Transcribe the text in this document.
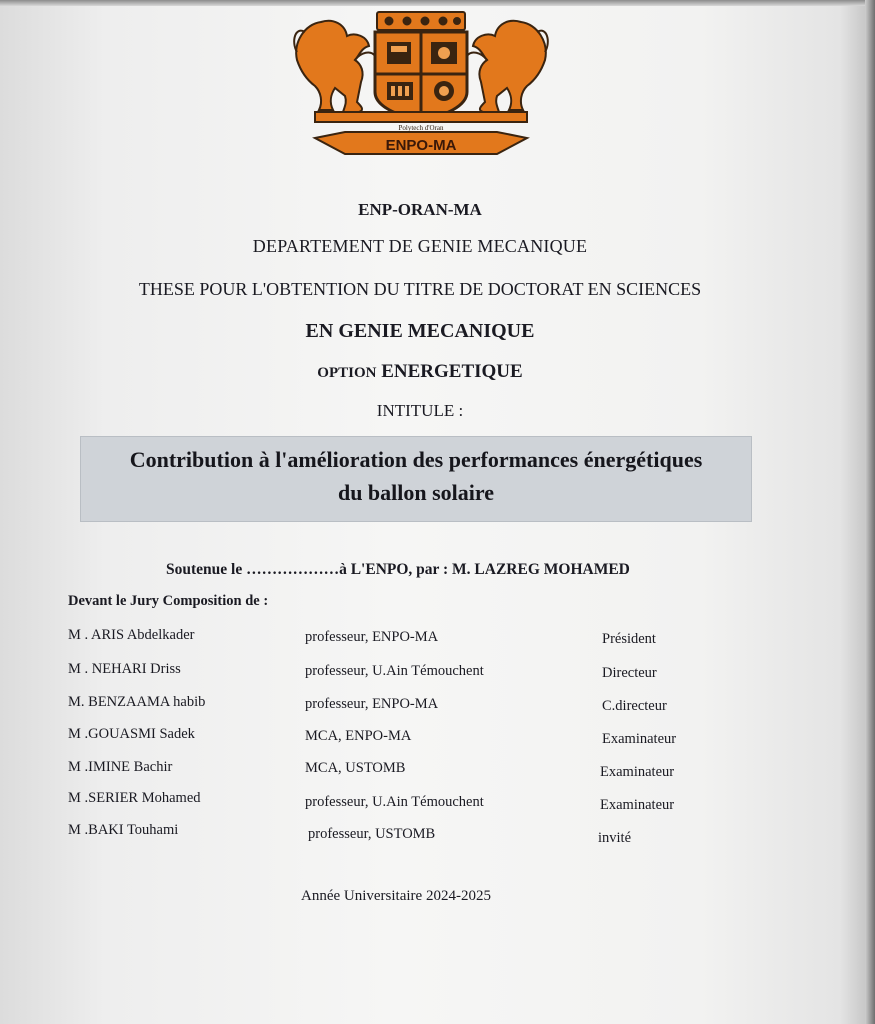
Polytech d'Oran
ENPO-MA
ENP-ORAN-MA
DEPARTEMENT DE GENIE MECANIQUE
THESE POUR L'OBTENTION DU TITRE DE DOCTORAT EN SCIENCES
EN GENIE MECANIQUE
OPTION ENERGETIQUE
INTITULE :
Contribution à l'amélioration des performances énergétiques
du ballon solaire
Soutenue le ………………à L'ENPO, par : M. LAZREG MOHAMED
Devant le Jury Composition de :
M . ARIS Abdelkader	professeur, ENPO-MA	Président
M . NEHARI Driss	professeur, U.Ain Témouchent	Directeur
M. BENZAAMA habib	professeur, ENPO-MA	C.directeur
M .GOUASMI Sadek	MCA, ENPO-MA	Examinateur
M .IMINE Bachir	MCA, USTOMB	Examinateur
M .SERIER Mohamed	professeur, U.Ain Témouchent	Examinateur
M .BAKI Touhami	professeur, USTOMB	invité
Année Universitaire 2024-2025
